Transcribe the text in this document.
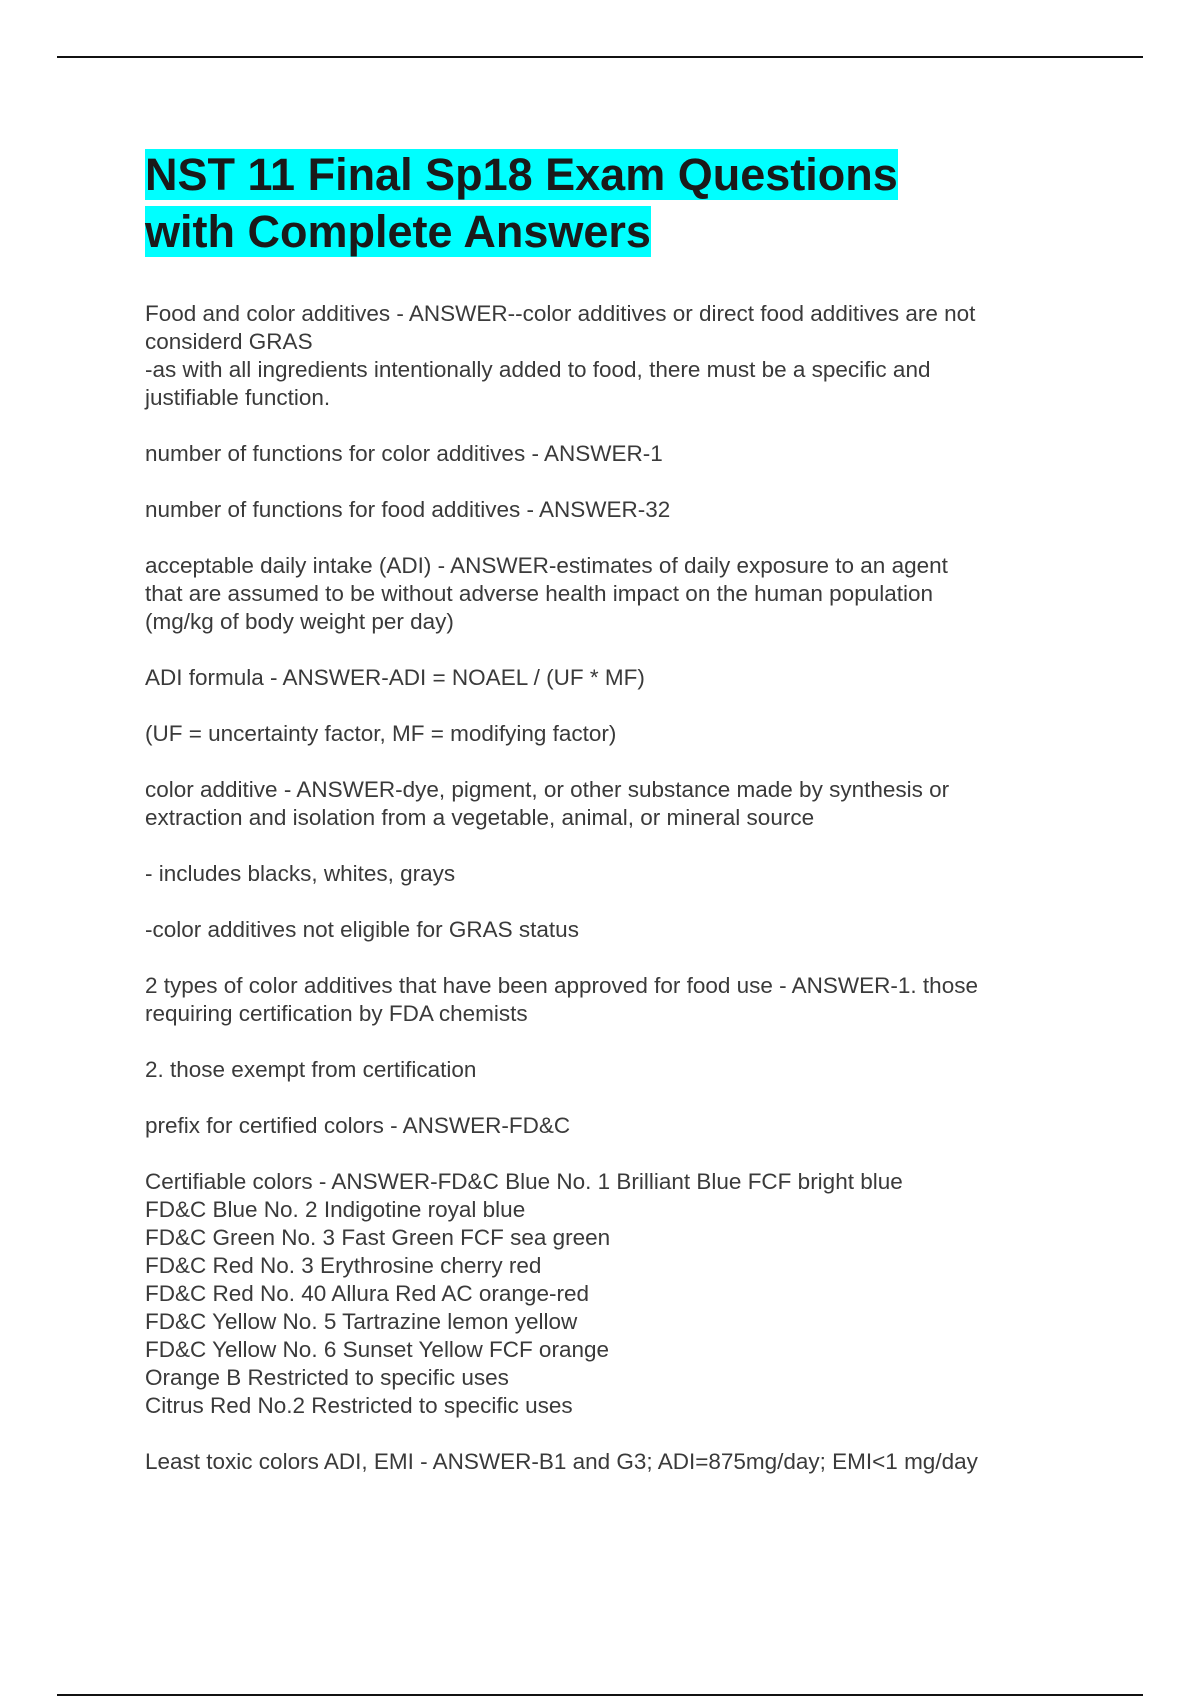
NST 11 Final Sp18 Exam Questions
with Complete Answers

Food and color additives - ANSWER--color additives or direct food additives are not
considerd GRAS
-as with all ingredients intentionally added to food, there must be a specific and
justifiable function.

number of functions for color additives - ANSWER-1

number of functions for food additives - ANSWER-32

acceptable daily intake (ADI) - ANSWER-estimates of daily exposure to an agent
that are assumed to be without adverse health impact on the human population
(mg/kg of body weight per day)

ADI formula - ANSWER-ADI = NOAEL / (UF * MF)

(UF = uncertainty factor, MF = modifying factor)

color additive - ANSWER-dye, pigment, or other substance made by synthesis or
extraction and isolation from a vegetable, animal, or mineral source

- includes blacks, whites, grays

-color additives not eligible for GRAS status

2 types of color additives that have been approved for food use - ANSWER-1. those
requiring certification by FDA chemists

2. those exempt from certification

prefix for certified colors - ANSWER-FD&C

Certifiable colors - ANSWER-FD&C Blue No. 1 Brilliant Blue FCF bright blue
FD&C Blue No. 2 Indigotine royal blue
FD&C Green No. 3 Fast Green FCF sea green
FD&C Red No. 3 Erythrosine cherry red
FD&C Red No. 40 Allura Red AC orange-red
FD&C Yellow No. 5 Tartrazine lemon yellow
FD&C Yellow No. 6 Sunset Yellow FCF orange
Orange B Restricted to specific uses
Citrus Red No.2 Restricted to specific uses

Least toxic colors ADI, EMI - ANSWER-B1 and G3; ADI=875mg/day; EMI<1 mg/day
